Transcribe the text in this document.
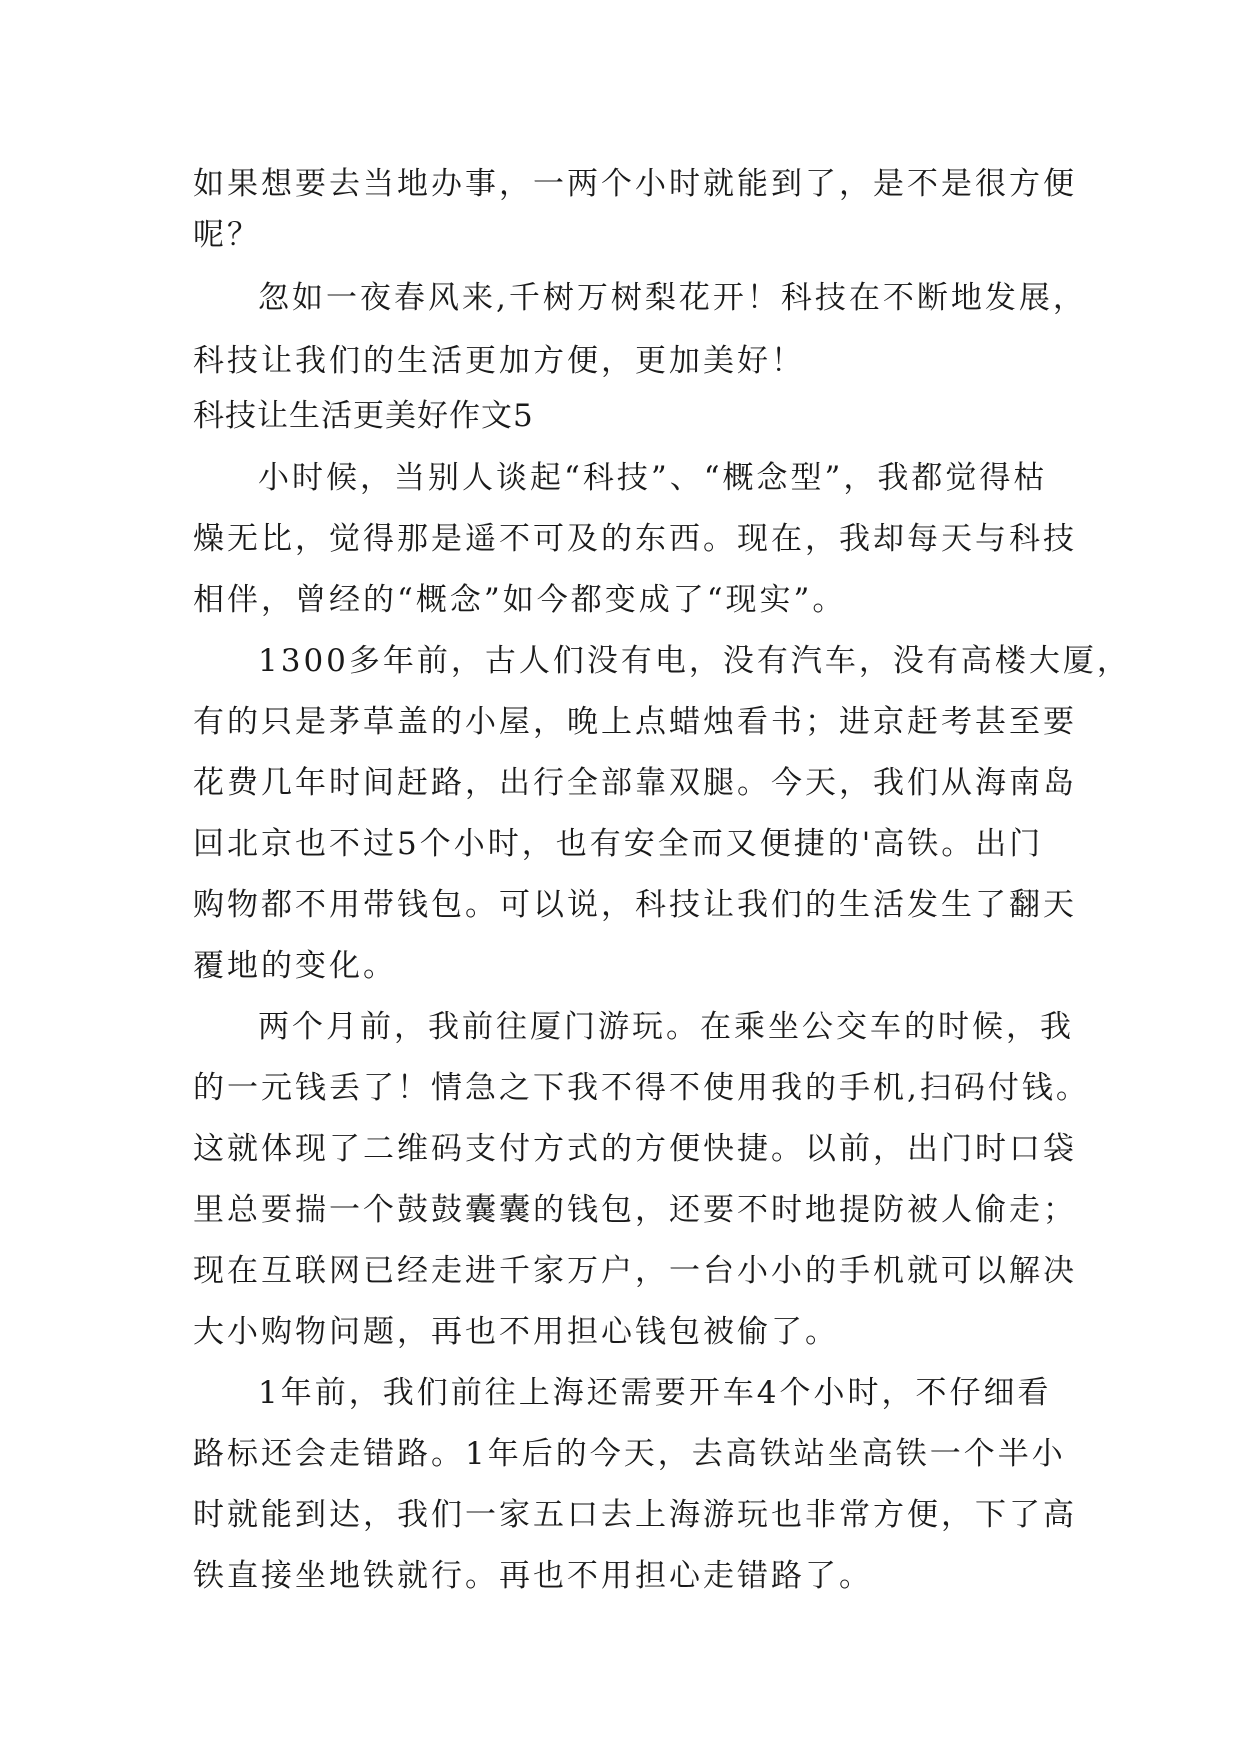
如果想要去当地办事，一两个小时就能到了，是不是很方便
呢？
忽如一夜春风来,千树万树梨花开！科技在不断地发展，
科技让我们的生活更加方便，更加美好！
科技让生活更美好作文5
小时候，当别人谈起“科技”、“概念型”，我都觉得枯
燥无比，觉得那是遥不可及的东西。现在，我却每天与科技
相伴，曾经的“概念”如今都变成了“现实”。
1300多年前，古人们没有电，没有汽车，没有高楼大厦，
有的只是茅草盖的小屋，晚上点蜡烛看书；进京赶考甚至要
花费几年时间赶路，出行全部靠双腿。今天，我们从海南岛
回北京也不过5个小时，也有安全而又便捷的'高铁。出门
购物都不用带钱包。可以说，科技让我们的生活发生了翻天
覆地的变化。
两个月前，我前往厦门游玩。在乘坐公交车的时候，我
的一元钱丢了！情急之下我不得不使用我的手机,扫码付钱。
这就体现了二维码支付方式的方便快捷。以前，出门时口袋
里总要揣一个鼓鼓囊囊的钱包，还要不时地提防被人偷走；
现在互联网已经走进千家万户，一台小小的手机就可以解决
大小购物问题，再也不用担心钱包被偷了。
1年前，我们前往上海还需要开车4个小时，不仔细看
路标还会走错路。1年后的今天，去高铁站坐高铁一个半小
时就能到达，我们一家五口去上海游玩也非常方便，下了高
铁直接坐地铁就行。再也不用担心走错路了。
